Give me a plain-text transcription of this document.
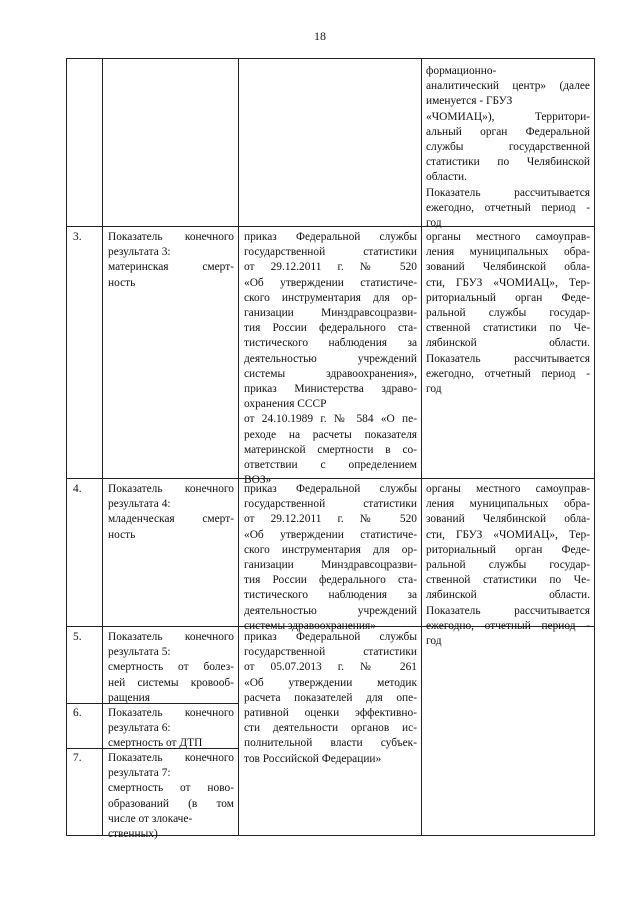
18
формационно-
аналитический центр» (далее
именуется - ГБУЗ
«ЧОМИАЦ»), Территори-
альный орган Федеральной
службы государственной
статистики по Челябинской
области.
Показатель рассчитывается
ежегодно, отчетный период -
год
3. Показатель конечного
результата 3:
материнская смерт-
ность
приказ Федеральной службы
государственной статистики
от 29.12.2011 г. № 520
«Об утверждении статистиче-
ского инструментария для ор-
ганизации Минздравсоцразви-
тия России федерального ста-
тистического наблюдения за
деятельностью учреждений
системы здравоохранения»,
приказ Министерства здраво-
охранения СССР
от 24.10.1989 г. № 584 «О пе-
реходе на расчеты показателя
материнской смертности в со-
ответствии с определением
ВОЗ»
органы местного самоуправ-
ления муниципальных обра-
зований Челябинской обла-
сти, ГБУЗ «ЧОМИАЦ», Тер-
риториальный орган Феде-
ральной службы государ-
ственной статистики по Че-
лябинской области.
Показатель рассчитывается
ежегодно, отчетный период -
год
4. Показатель конечного
результата 4:
младенческая смерт-
ность
приказ Федеральной службы
государственной статистики
от 29.12.2011 г. № 520
«Об утверждении статистиче-
ского инструментария для ор-
ганизации Минздравсоцразви-
тия России федерального ста-
тистического наблюдения за
деятельностью учреждений
системы здравоохранения»
органы местного самоуправ-
ления муниципальных обра-
зований Челябинской обла-
сти, ГБУЗ «ЧОМИАЦ», Тер-
риториальный орган Феде-
ральной службы государ-
ственной статистики по Че-
лябинской области.
Показатель рассчитывается
ежегодно, отчетный период -
год
5. Показатель конечного
результата 5:
смертность от болез-
ней системы кровооб-
ращения
6. Показатель конечного
результата 6:
смертность от ДТП
7. Показатель конечного
результата 7:
смертность от ново-
образований (в том
числе от злокаче-
ственных)
приказ Федеральной службы
государственной статистики
от 05.07.2013 г. № 261
«Об утверждении методик
расчета показателей для опе-
ративной оценки эффективно-
сти деятельности органов ис-
полнительной власти субъек-
тов Российской Федерации»
